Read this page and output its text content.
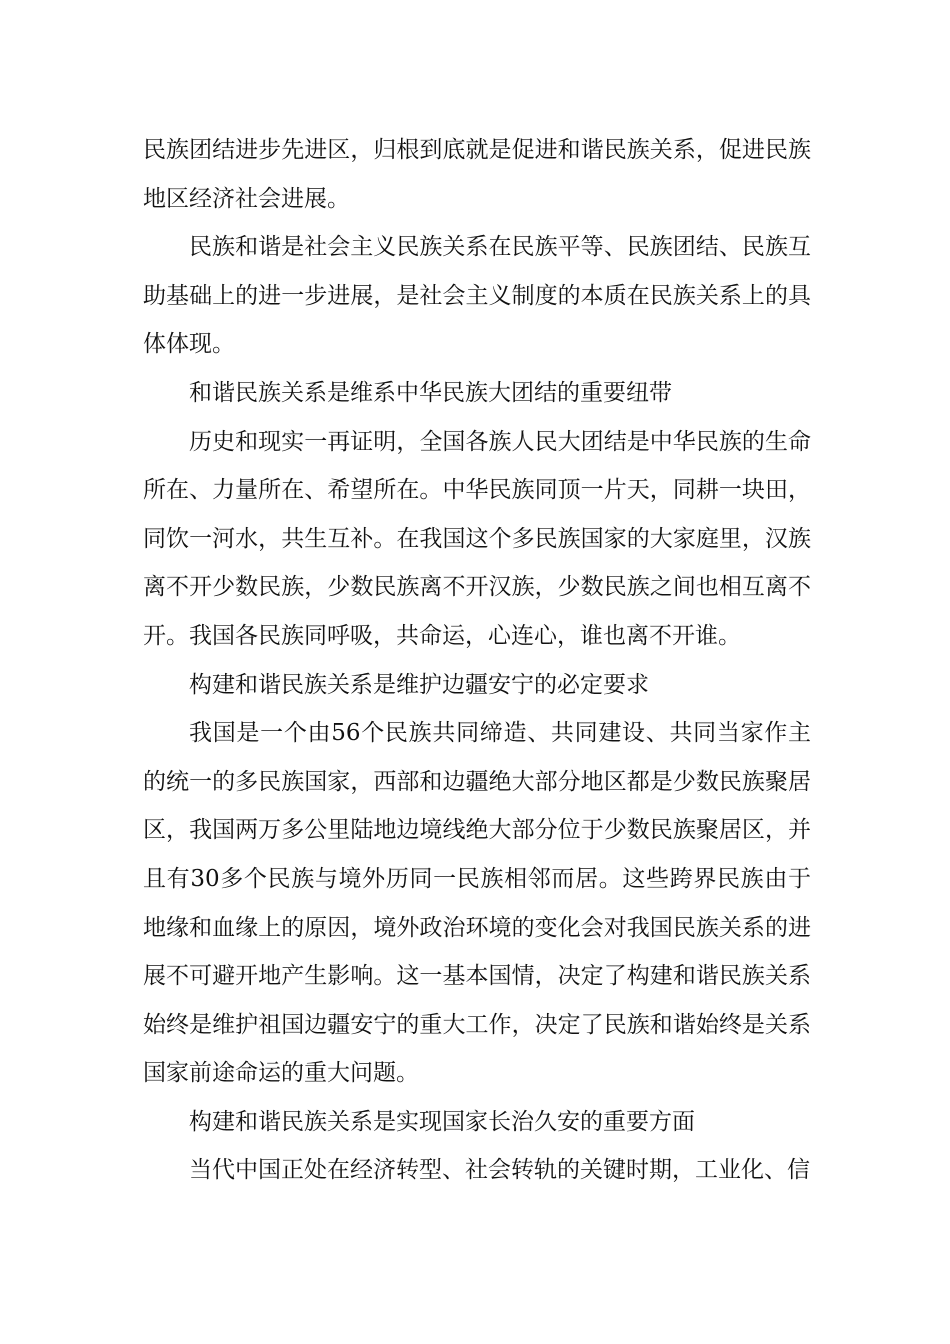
民族团结进步先进区，归根到底就是促进和谐民族关系，促进民族地区经济社会进展。

民族和谐是社会主义民族关系在民族平等、民族团结、民族互助基础上的进一步进展，是社会主义制度的本质在民族关系上的具体体现。

和谐民族关系是维系中华民族大团结的重要纽带

历史和现实一再证明，全国各族人民大团结是中华民族的生命所在、力量所在、希望所在。中华民族同顶一片天，同耕一块田，同饮一河水，共生互补。在我国这个多民族国家的大家庭里，汉族离不开少数民族，少数民族离不开汉族，少数民族之间也相互离不开。我国各民族同呼吸，共命运，心连心，谁也离不开谁。

构建和谐民族关系是维护边疆安宁的必定要求

我国是一个由56个民族共同缔造、共同建设、共同当家作主的统一的多民族国家，西部和边疆绝大部分地区都是少数民族聚居区，我国两万多公里陆地边境线绝大部分位于少数民族聚居区，并且有30多个民族与境外历同一民族相邻而居。这些跨界民族由于地缘和血缘上的原因，境外政治环境的变化会对我国民族关系的进展不可避开地产生影响。这一基本国情，决定了构建和谐民族关系始终是维护祖国边疆安宁的重大工作，决定了民族和谐始终是关系国家前途命运的重大问题。

构建和谐民族关系是实现国家长治久安的重要方面

当代中国正处在经济转型、社会转轨的关键时期，工业化、信
